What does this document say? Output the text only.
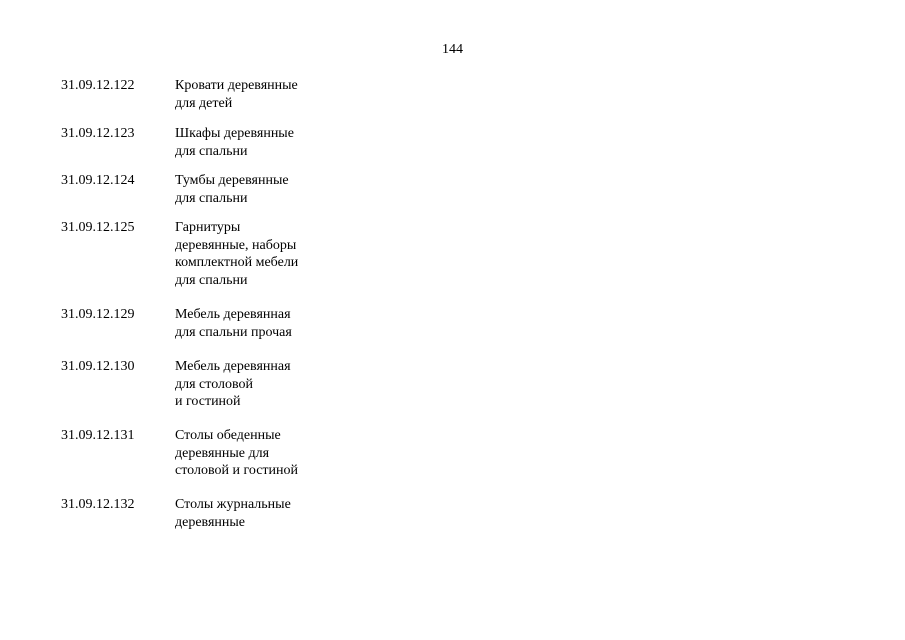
144
31.09.12.122	Кровати деревянные
для детей
31.09.12.123	Шкафы деревянные
для спальни
31.09.12.124	Тумбы деревянные
для спальни
31.09.12.125	Гарнитуры
деревянные, наборы
комплектной мебели
для спальни
31.09.12.129	Мебель деревянная
для спальни прочая
31.09.12.130	Мебель деревянная
для столовой
и гостиной
31.09.12.131	Столы обеденные
деревянные для
столовой и гостиной
31.09.12.132	Столы журнальные
деревянные
